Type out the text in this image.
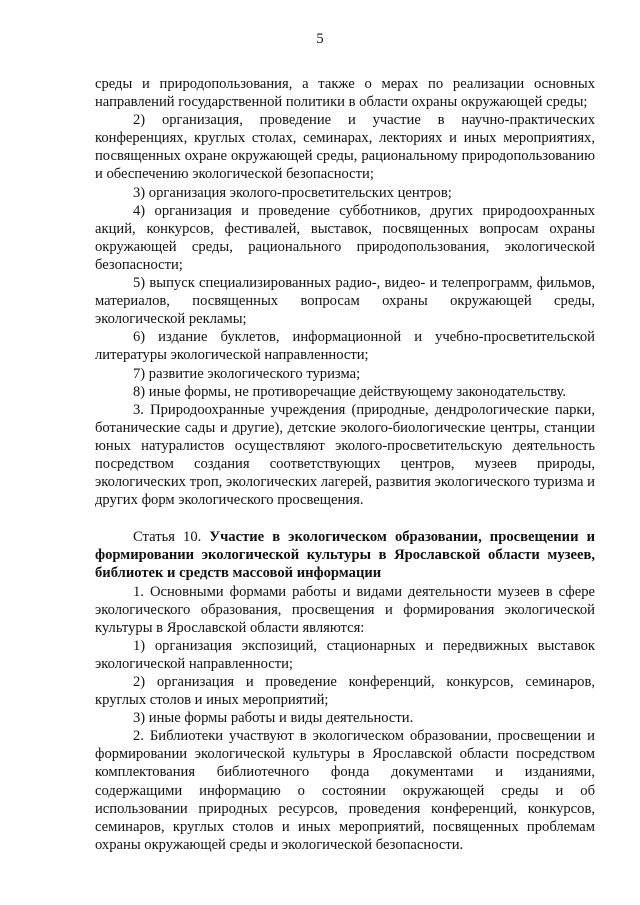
5

среды и природопользования, а также о мерах по реализации основных направлений государственной политики в области охраны окружающей среды;

2) организация, проведение и участие в научно-практических конференциях, круглых столах, семинарах, лекториях и иных мероприятиях, посвященных охране окружающей среды, рациональному природопользованию и обеспечению экологической безопасности;

3) организация эколого-просветительских центров;

4) организация и проведение субботников, других природоохранных акций, конкурсов, фестивалей, выставок, посвященных вопросам охраны окружающей среды, рационального природопользования, экологической безопасности;

5) выпуск специализированных радио-, видео- и телепрограмм, фильмов, материалов, посвященных вопросам охраны окружающей среды, экологической рекламы;

6) издание буклетов, информационной и учебно-просветительской литературы экологической направленности;

7) развитие экологического туризма;

8) иные формы, не противоречащие действующему законодательству.

3. Природоохранные учреждения (природные, дендрологические парки, ботанические сады и другие), детские эколого-биологические центры, станции юных натуралистов осуществляют эколого-просветительскую деятельность посредством создания соответствующих центров, музеев природы, экологических троп, экологических лагерей, развития экологического туризма и других форм экологического просвещения.

Статья 10. Участие в экологическом образовании, просвещении и формировании экологической культуры в Ярославской области музеев, библиотек и средств массовой информации

1. Основными формами работы и видами деятельности музеев в сфере экологического образования, просвещения и формирования экологической культуры в Ярославской области являются:

1) организация экспозиций, стационарных и передвижных выставок экологической направленности;

2) организация и проведение конференций, конкурсов, семинаров, круглых столов и иных мероприятий;

3) иные формы работы и виды деятельности.

2. Библиотеки участвуют в экологическом образовании, просвещении и формировании экологической культуры в Ярославской области посредством комплектования библиотечного фонда документами и изданиями, содержащими информацию о состоянии окружающей среды и об использовании природных ресурсов, проведения конференций, конкурсов, семинаров, круглых столов и иных мероприятий, посвященных проблемам охраны окружающей среды и экологической безопасности.
